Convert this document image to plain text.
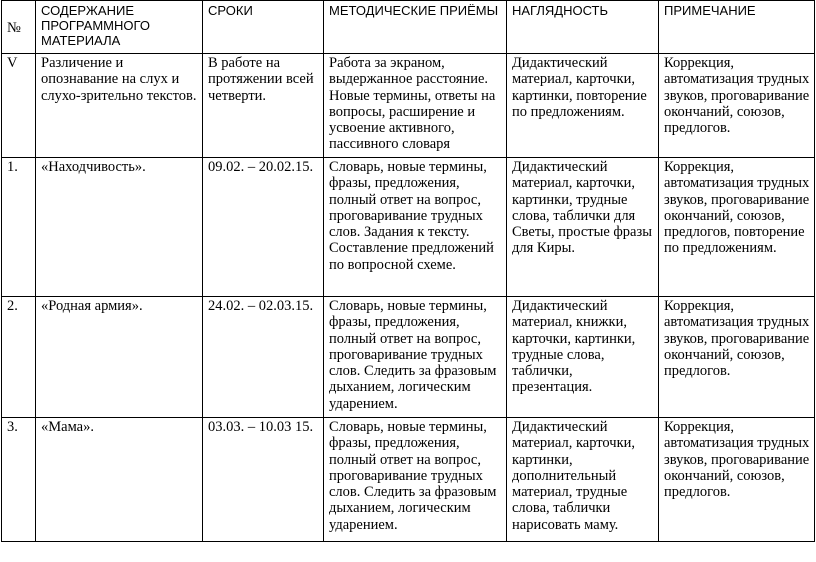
№	СОДЕРЖАНИЕ ПРОГРАММНОГО МАТЕРИАЛА	СРОКИ	МЕТОДИЧЕСКИЕ ПРИЁМЫ	НАГЛЯДНОСТЬ	ПРИМЕЧАНИЕ
V	Различение и опознавание на слух и слухо-зрительно текстов.	В работе на протяжении всей четверти.	Работа за экраном, выдержанное расстояние. Новые термины, ответы на вопросы, расширение и усвоение активного, пассивного словаря	Дидактический материал, карточки, картинки, повторение по предложениям.	Коррекция, автоматизация трудных звуков, проговаривание окончаний, союзов, предлогов.
1.	«Находчивость».	09.02. – 20.02.15.	Словарь, новые термины, фразы, предложения, полный ответ на вопрос, проговаривание трудных слов. Задания к тексту. Составление предложений по вопросной схеме.	Дидактический материал, карточки, картинки, трудные слова, таблички для Светы, простые фразы для Киры.	Коррекция, автоматизация трудных звуков, проговаривание окончаний, союзов, предлогов, повторение по предложениям.
2.	«Родная армия».	24.02. – 02.03.15.	Словарь, новые термины, фразы, предложения, полный ответ на вопрос, проговаривание трудных слов. Следить за фразовым дыханием, логическим ударением.	Дидактический материал, книжки, карточки, картинки, трудные слова, таблички, презентация.	Коррекция, автоматизация трудных звуков, проговаривание окончаний, союзов, предлогов.
3.	«Мама».	03.03. – 10.03 15.	Словарь, новые термины, фразы, предложения, полный ответ на вопрос, проговаривание трудных слов. Следить за фразовым дыханием, логическим ударением.	Дидактический материал, карточки, картинки, дополнительный материал, трудные слова, таблички нарисовать маму.	Коррекция, автоматизация трудных звуков, проговаривание окончаний, союзов, предлогов.
